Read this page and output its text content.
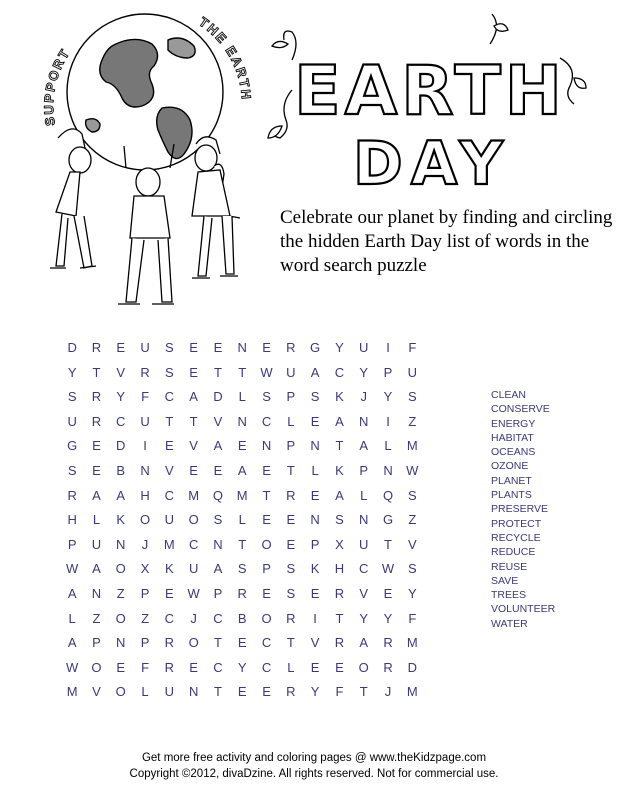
SUPPORT
THE EARTH EARTH
DAY

Celebrate our planet by finding and circling the hidden Earth Day list of words in the word search puzzle

D	R	E	U	S	E	E	N	E	R	G	Y	U	I	F
Y	T	V	R	S	E	T	T	W	U	A	C	Y	P	U
S	R	Y	F	C	A	D	L	S	P	S	K	J	Y	S
U	R	C	U	T	T	V	N	C	L	E	A	N	I	Z
G	E	D	I	E	V	A	E	N	P	N	T	A	L	M
S	E	B	N	V	E	E	A	E	T	L	K	P	N	W
R	A	A	H	C	M	Q	M	T	R	E	A	L	Q	S
H	L	K	O	U	O	S	L	E	E	N	S	N	G	Z
P	U	N	J	M	C	N	T	O	E	P	X	U	T	V
W	A	O	X	K	U	A	S	P	S	K	H	C	W	S
A	N	Z	P	E	W	P	R	E	S	E	R	V	E	Y
L	Z	O	Z	C	J	C	B	O	R	I	T	Y	Y	F
A	P	N	P	R	O	T	E	C	T	V	R	A	R	M
W	O	E	F	R	E	C	Y	C	L	E	E	O	R	D
M	V	O	L	U	N	T	E	E	R	Y	F	T	J	M
CLEAN
CONSERVE
ENERGY
HABITAT
OCEANS
OZONE
PLANET
PLANTS
PRESERVE
PROTECT
RECYCLE
REDUCE
REUSE
SAVE
TREES
VOLUNTEER
WATER
Get more free activity and coloring pages @ www.theKidzpage.com
Copyright ©2012, divaDzine. All rights reserved. Not for commercial use.
